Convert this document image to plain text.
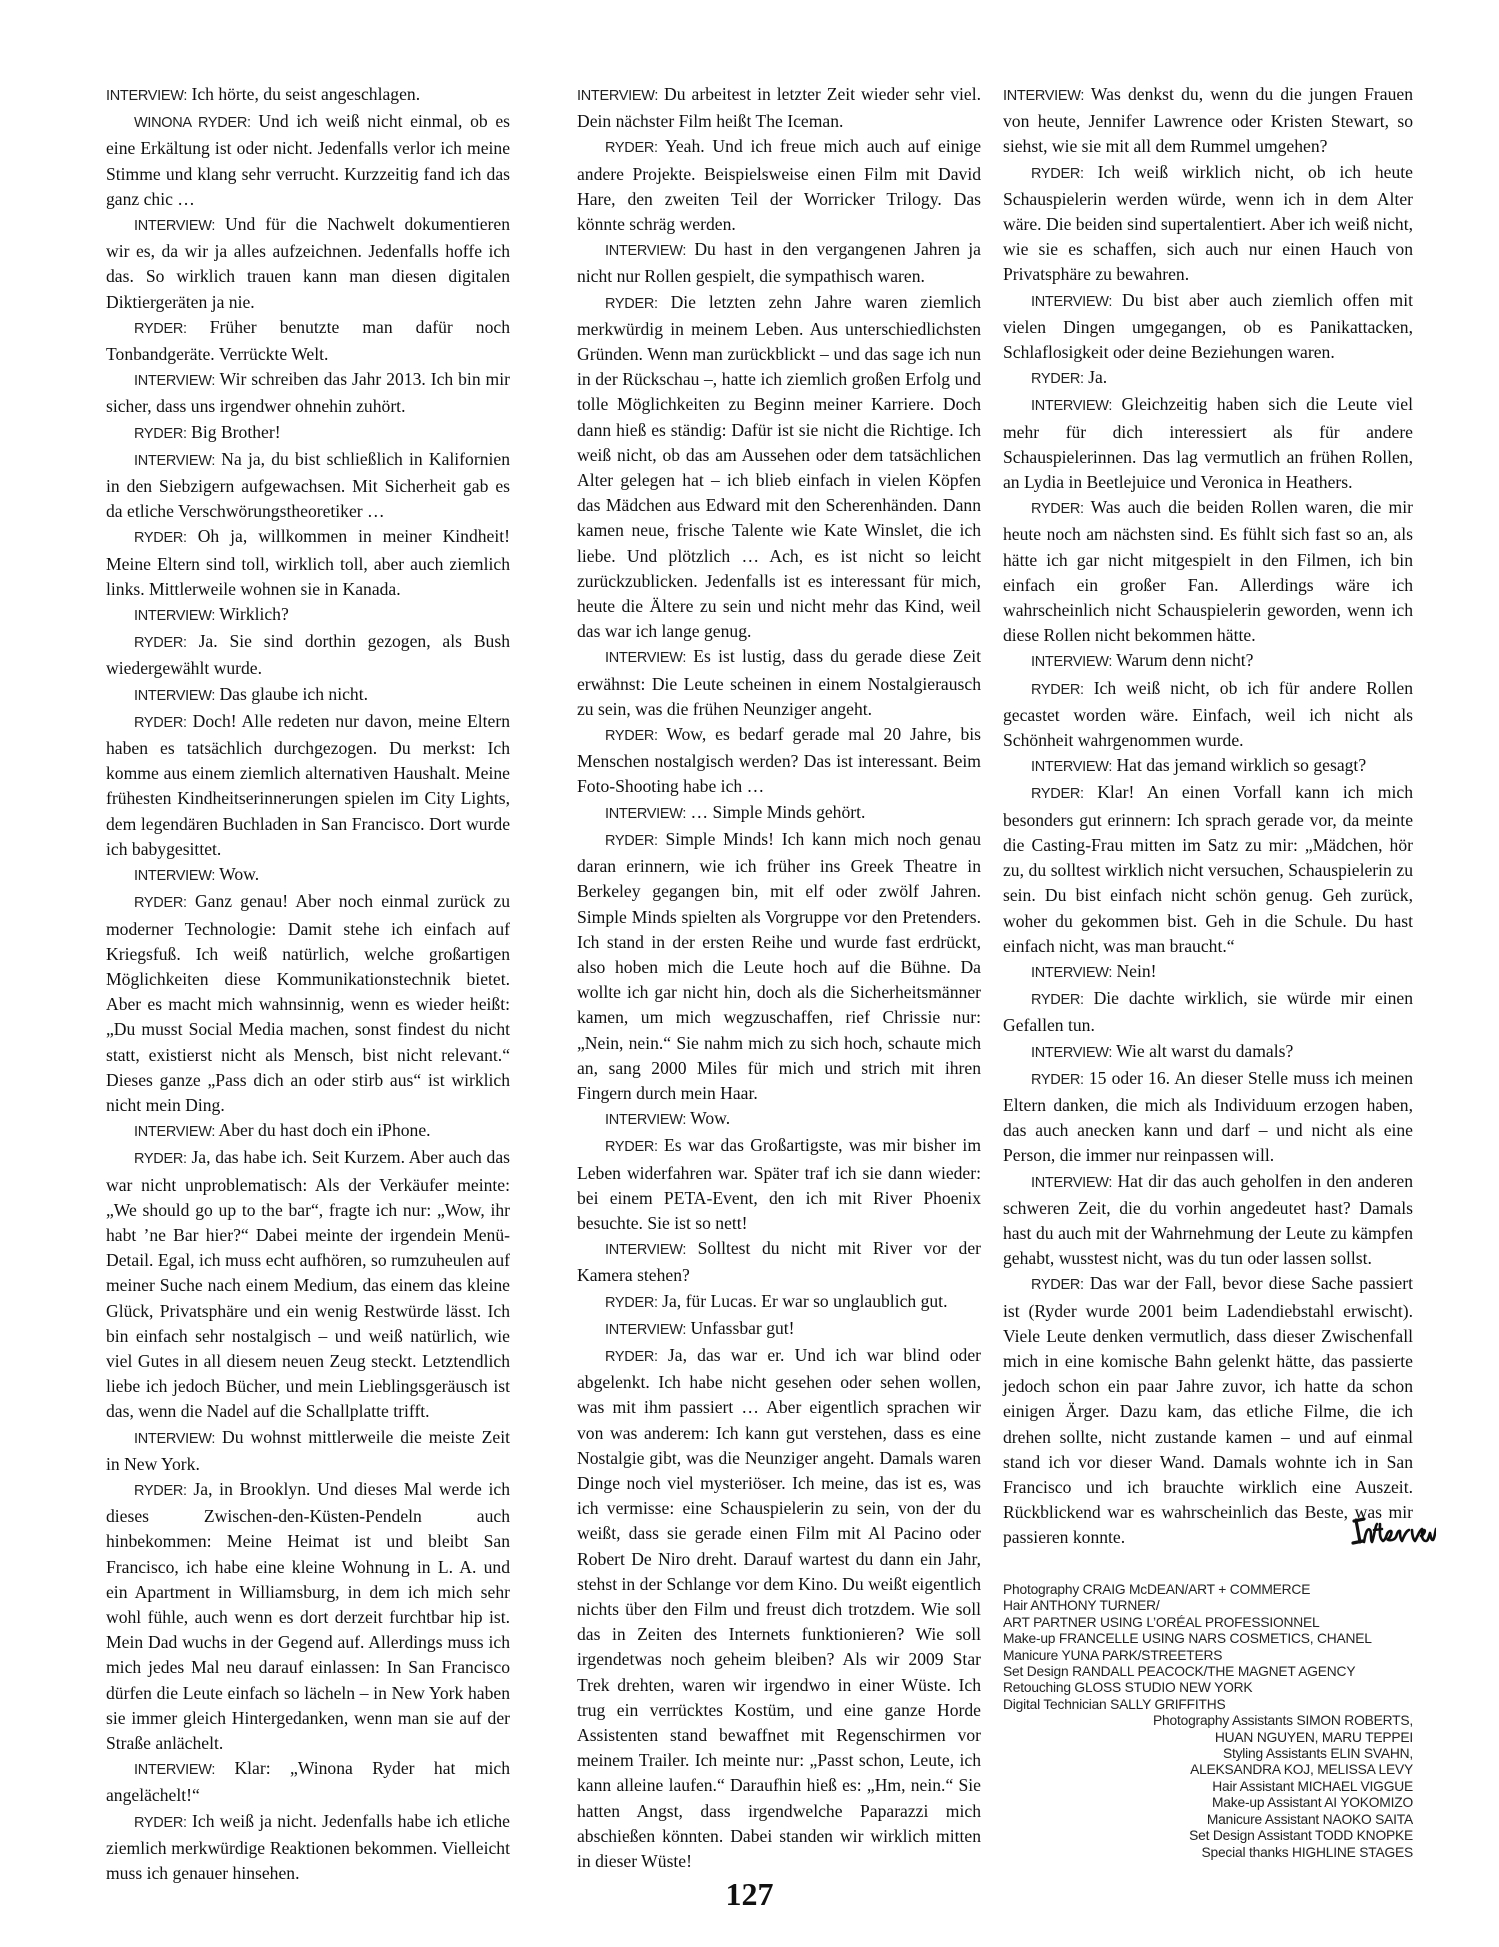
INTERVIEW: Ich hörte, du seist angeschlagen.

WINONA RYDER: Und ich weiß nicht einmal, ob es eine Erkältung ist oder nicht. Jedenfalls verlor ich meine Stimme und klang sehr verrucht. Kurzzeitig fand ich das ganz chic …

INTERVIEW: Und für die Nachwelt dokumentieren wir es, da wir ja alles aufzeichnen. Jedenfalls hoffe ich das. So wirklich trauen kann man diesen digitalen Diktiergeräten ja nie.

RYDER: Früher benutzte man dafür noch Tonbandgeräte. Verrückte Welt.

INTERVIEW: Wir schreiben das Jahr 2013. Ich bin mir sicher, dass uns irgendwer ohnehin zuhört.

RYDER: Big Brother!

INTERVIEW: Na ja, du bist schließlich in Kalifornien in den Siebzigern aufgewachsen. Mit Sicherheit gab es da etliche Verschwörungstheoretiker …

RYDER: Oh ja, willkommen in meiner Kindheit! Meine Eltern sind toll, wirklich toll, aber auch ziemlich links. Mittlerweile wohnen sie in Kanada.

INTERVIEW: Wirklich?

RYDER: Ja. Sie sind dorthin gezogen, als Bush wiedergewählt wurde.

INTERVIEW: Das glaube ich nicht.

RYDER: Doch! Alle redeten nur davon, meine Eltern haben es tatsächlich durchgezogen. Du merkst: Ich komme aus einem ziemlich alternativen Haushalt. Meine frühesten Kindheitserinnerungen spielen im City Lights, dem legendären Buchladen in San Francisco. Dort wurde ich babygesittet.

INTERVIEW: Wow.

RYDER: Ganz genau! Aber noch einmal zurück zu moderner Technologie: Damit stehe ich einfach auf Kriegsfuß. Ich weiß natürlich, welche großartigen Möglichkeiten diese Kommunikationstechnik bietet. Aber es macht mich wahnsinnig, wenn es wieder heißt: „Du musst Social Media machen, sonst findest du nicht statt, existierst nicht als Mensch, bist nicht relevant.“ Dieses ganze „Pass dich an oder stirb aus“ ist wirklich nicht mein Ding.

INTERVIEW: Aber du hast doch ein iPhone.

RYDER: Ja, das habe ich. Seit Kurzem. Aber auch das war nicht unproblematisch: Als der Verkäufer meinte: „We should go up to the bar“, fragte ich nur: „Wow, ihr habt ’ne Bar hier?“ Dabei meinte der irgendein Menü-Detail. Egal, ich muss echt aufhören, so rumzuheulen auf meiner Suche nach einem Medium, das einem das kleine Glück, Privatsphäre und ein wenig Restwürde lässt. Ich bin einfach sehr nostalgisch – und weiß natürlich, wie viel Gutes in all diesem neuen Zeug steckt. Letztendlich liebe ich jedoch Bücher, und mein Lieblingsgeräusch ist das, wenn die Nadel auf die Schallplatte trifft.

INTERVIEW: Du wohnst mittlerweile die meiste Zeit in New York.

RYDER: Ja, in Brooklyn. Und dieses Mal werde ich dieses Zwischen-den-Küsten-Pendeln auch hinbekommen: Meine Heimat ist und bleibt San Francisco, ich habe eine kleine Wohnung in L. A. und ein Apartment in Williamsburg, in dem ich mich sehr wohl fühle, auch wenn es dort derzeit furchtbar hip ist. Mein Dad wuchs in der Gegend auf. Allerdings muss ich mich jedes Mal neu darauf einlassen: In San Francisco dürfen die Leute einfach so lächeln – in New York haben sie immer gleich Hintergedanken, wenn man sie auf der Straße anlächelt.

INTERVIEW: Klar: „Winona Ryder hat mich angelächelt!“

RYDER: Ich weiß ja nicht. Jedenfalls habe ich etliche ziemlich merkwürdige Reaktionen bekommen. Vielleicht muss ich genauer hinsehen.

INTERVIEW: Du arbeitest in letzter Zeit wieder sehr viel. Dein nächster Film heißt The Iceman.

RYDER: Yeah. Und ich freue mich auch auf einige andere Projekte. Beispielsweise einen Film mit David Hare, den zweiten Teil der Worricker Trilogy. Das könnte schräg werden.

INTERVIEW: Du hast in den vergangenen Jahren ja nicht nur Rollen gespielt, die sympathisch waren.

RYDER: Die letzten zehn Jahre waren ziemlich merkwürdig in meinem Leben. Aus unterschiedlichsten Gründen. Wenn man zurückblickt – und das sage ich nun in der Rückschau –, hatte ich ziemlich großen Erfolg und tolle Möglichkeiten zu Beginn meiner Karriere. Doch dann hieß es ständig: Dafür ist sie nicht die Richtige. Ich weiß nicht, ob das am Aussehen oder dem tatsächlichen Alter gelegen hat – ich blieb einfach in vielen Köpfen das Mädchen aus Edward mit den Scherenhänden. Dann kamen neue, frische Talente wie Kate Winslet, die ich liebe. Und plötzlich … Ach, es ist nicht so leicht zurückzublicken. Jedenfalls ist es interessant für mich, heute die Ältere zu sein und nicht mehr das Kind, weil das war ich lange genug.

INTERVIEW: Es ist lustig, dass du gerade diese Zeit erwähnst: Die Leute scheinen in einem Nostalgierausch zu sein, was die frühen Neunziger angeht.

RYDER: Wow, es bedarf gerade mal 20 Jahre, bis Menschen nostalgisch werden? Das ist interessant. Beim Foto-Shooting habe ich …

INTERVIEW: … Simple Minds gehört.

RYDER: Simple Minds! Ich kann mich noch genau daran erinnern, wie ich früher ins Greek Theatre in Berkeley gegangen bin, mit elf oder zwölf Jahren. Simple Minds spielten als Vorgruppe vor den Pretenders. Ich stand in der ersten Reihe und wurde fast erdrückt, also hoben mich die Leute hoch auf die Bühne. Da wollte ich gar nicht hin, doch als die Sicherheitsmänner kamen, um mich wegzuschaffen, rief Chrissie nur: „Nein, nein.“ Sie nahm mich zu sich hoch, schaute mich an, sang 2000 Miles für mich und strich mit ihren Fingern durch mein Haar.

INTERVIEW: Wow.

RYDER: Es war das Großartigste, was mir bisher im Leben widerfahren war. Später traf ich sie dann wieder: bei einem PETA-Event, den ich mit River Phoenix besuchte. Sie ist so nett!

INTERVIEW: Solltest du nicht mit River vor der Kamera stehen?

RYDER: Ja, für Lucas. Er war so unglaublich gut.

INTERVIEW: Unfassbar gut!

RYDER: Ja, das war er. Und ich war blind oder abgelenkt. Ich habe nicht gesehen oder sehen wollen, was mit ihm passiert … Aber eigentlich sprachen wir von was anderem: Ich kann gut verstehen, dass es eine Nostalgie gibt, was die Neunziger angeht. Damals waren Dinge noch viel mysteriöser. Ich meine, das ist es, was ich vermisse: eine Schauspielerin zu sein, von der du weißt, dass sie gerade einen Film mit Al Pacino oder Robert De Niro dreht. Darauf wartest du dann ein Jahr, stehst in der Schlange vor dem Kino. Du weißt eigentlich nichts über den Film und freust dich trotzdem. Wie soll das in Zeiten des Internets funktionieren? Wie soll irgendetwas noch geheim bleiben? Als wir 2009 Star Trek drehten, waren wir irgendwo in einer Wüste. Ich trug ein verrücktes Kostüm, und eine ganze Horde Assistenten stand bewaffnet mit Regenschirmen vor meinem Trailer. Ich meinte nur: „Passt schon, Leute, ich kann alleine laufen.“ Daraufhin hieß es: „Hm, nein.“ Sie hatten Angst, dass irgendwelche Paparazzi mich abschießen könnten. Dabei standen wir wirklich mitten in dieser Wüste!

INTERVIEW: Was denkst du, wenn du die jungen Frauen von heute, Jennifer Lawrence oder Kristen Stewart, so siehst, wie sie mit all dem Rummel umgehen?

RYDER: Ich weiß wirklich nicht, ob ich heute Schauspielerin werden würde, wenn ich in dem Alter wäre. Die beiden sind supertalentiert. Aber ich weiß nicht, wie sie es schaffen, sich auch nur einen Hauch von Privatsphäre zu bewahren.

INTERVIEW: Du bist aber auch ziemlich offen mit vielen Dingen umgegangen, ob es Panikattacken, Schlaflosigkeit oder deine Beziehungen waren.

RYDER: Ja.

INTERVIEW: Gleichzeitig haben sich die Leute viel mehr für dich interessiert als für andere Schauspielerinnen. Das lag vermutlich an frühen Rollen, an Lydia in Beetlejuice und Veronica in Heathers.

RYDER: Was auch die beiden Rollen waren, die mir heute noch am nächsten sind. Es fühlt sich fast so an, als hätte ich gar nicht mitgespielt in den Filmen, ich bin einfach ein großer Fan. Allerdings wäre ich wahrscheinlich nicht Schauspielerin geworden, wenn ich diese Rollen nicht bekommen hätte.

INTERVIEW: Warum denn nicht?

RYDER: Ich weiß nicht, ob ich für andere Rollen gecastet worden wäre. Einfach, weil ich nicht als Schönheit wahrgenommen wurde.

INTERVIEW: Hat das jemand wirklich so gesagt?

RYDER: Klar! An einen Vorfall kann ich mich besonders gut erinnern: Ich sprach gerade vor, da meinte die Casting-Frau mitten im Satz zu mir: „Mädchen, hör zu, du solltest wirklich nicht versuchen, Schauspielerin zu sein. Du bist einfach nicht schön genug. Geh zurück, woher du gekommen bist. Geh in die Schule. Du hast einfach nicht, was man braucht.“

INTERVIEW: Nein!

RYDER: Die dachte wirklich, sie würde mir einen Gefallen tun.

INTERVIEW: Wie alt warst du damals?

RYDER: 15 oder 16. An dieser Stelle muss ich meinen Eltern danken, die mich als Individuum erzogen haben, das auch anecken kann und darf – und nicht als eine Person, die immer nur reinpassen will.

INTERVIEW: Hat dir das auch geholfen in den anderen schweren Zeit, die du vorhin angedeutet hast? Damals hast du auch mit der Wahrnehmung der Leute zu kämpfen gehabt, wusstest nicht, was du tun oder lassen sollst.

RYDER: Das war der Fall, bevor diese Sache passiert ist (Ryder wurde 2001 beim Ladendiebstahl erwischt). Viele Leute denken vermutlich, dass dieser Zwischenfall mich in eine komische Bahn gelenkt hätte, das passierte jedoch schon ein paar Jahre zuvor, ich hatte da schon einigen Ärger. Dazu kam, das etliche Filme, die ich drehen sollte, nicht zustande kamen – und auf einmal stand ich vor dieser Wand. Damals wohnte ich in San Francisco und ich brauchte wirklich eine Auszeit. Rückblickend war es wahrscheinlich das Beste, was mir passieren konnte.

Photography CRAIG McDEAN/ART + COMMERCE
Hair ANTHONY TURNER/
ART PARTNER USING L’ORÉAL PROFESSIONNEL
Make-up FRANCELLE USING NARS COSMETICS, CHANEL
Manicure YUNA PARK/STREETERS
Set Design RANDALL PEACOCK/THE MAGNET AGENCY
Retouching GLOSS STUDIO NEW YORK
Digital Technician SALLY GRIFFITHS
Photography Assistants SIMON ROBERTS,
HUAN NGUYEN, MARU TEPPEI
Styling Assistants ELIN SVAHN,
ALEKSANDRA KOJ, MELISSA LEVY
Hair Assistant MICHAEL VIGGUE
Make-up Assistant AI YOKOMIZO
Manicure Assistant NAOKO SAITA
Set Design Assistant TODD KNOPKE
Special thanks HIGHLINE STAGES
127
